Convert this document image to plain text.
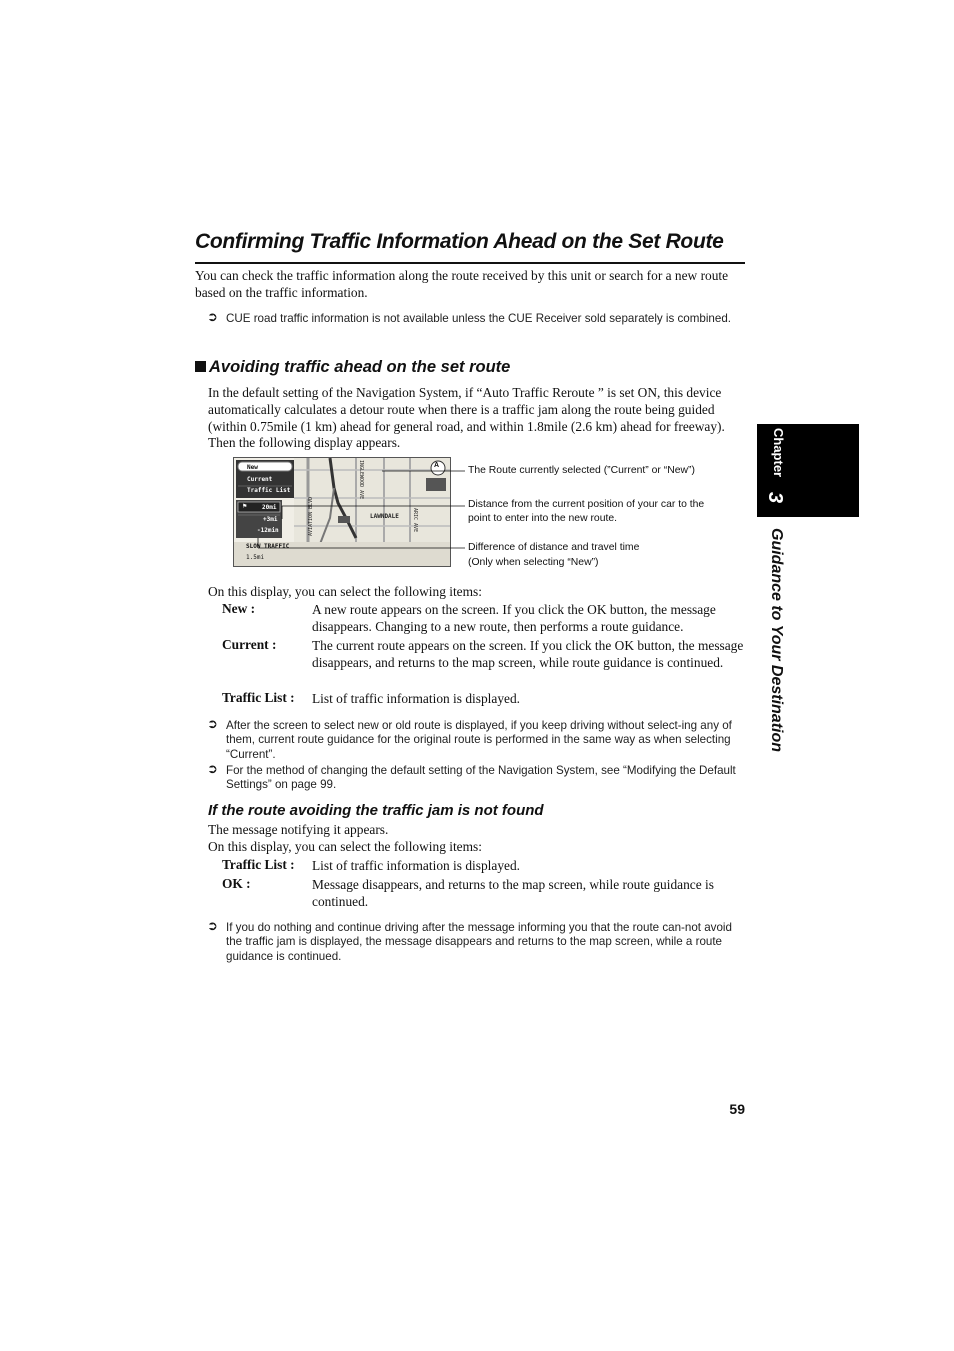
Confirming Traffic Information Ahead on the Set Route
You can check the traffic information along the route received by this unit or search for a new route based on the traffic information.
➲ CUE road traffic information is not available unless the CUE Receiver sold separately is combined.
Avoiding traffic ahead on the set route
In the default setting of the Navigation System, if “Auto Traffic Reroute ” is set ON, this device automatically calculates a detour route when there is a traffic jam along the route being guided (within 0.75mile (1 km) ahead for general road, and within 1.8mile (2.6 km) ahead for freeway). Then the following display appears.
New
Current
Traffic List
⚑ 20mi
+3mi
-12min
SLOW TRAFFIC
1.5mi
AVIATION BLVD
INGLEWOOD AVE
ARIC AVE
LAWNDALE
A	The Route currently selected (”Current” or “New”)
Distance from the current position of your car to the
point to enter into the new route.
Difference of distance and travel time
(Only when selecting “New”)
On this display, you can select the following items:
New :	A new route appears on the screen. If you click the OK button, the message disappears. Changing to a new route, then performs a route guidance.
Current :	The current route appears on the screen. If you click the OK button, the message disappears, and returns to the map screen, while route guidance is continued.
Traffic List : List of traffic information is displayed.
➲ After the screen to select new or old route is displayed, if you keep driving without select-ing any of them, current route guidance for the original route is performed in the same way as when selecting “Current”.
➲ For the method of changing the default setting of the Navigation System, see “Modifying the Default Settings” on page 99.
If the route avoiding the traffic jam is not found
The message notifying it appears.
On this display, you can select the following items:
Traffic List : List of traffic information is displayed.
OK :	Message disappears, and returns to the map screen, while route guidance is continued.
➲ If you do nothing and continue driving after the message informing you that the route can-not avoid the traffic jam is displayed, the message disappears and returns to the map screen, while a route guidance is continued.
Chapter
3
Guidance to Your Destination
59
